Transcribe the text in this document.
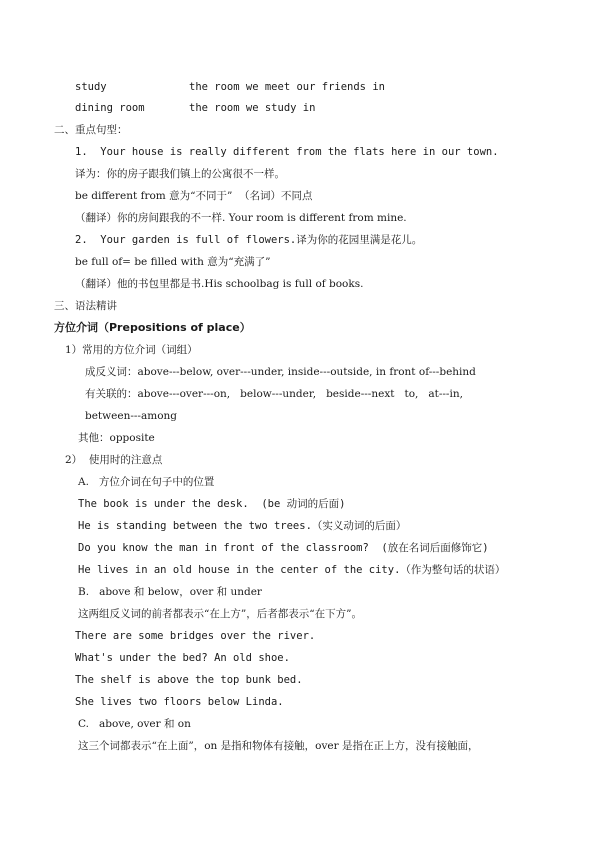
study	the room we meet our friends in
dining room	the room we study in
二、重点句型：
1.  Your house is really different from the flats here in our town.
译为：你的房子跟我们镇上的公寓很不一样。
be different from 意为“不同于”  （名词）不同点
（翻译）你的房间跟我的不一样. Your room is different from mine.
2.  Your garden is full of flowers.译为你的花园里满是花儿。
be full of= be filled with 意为“充满了”
（翻译）他的书包里都是书.His schoolbag is full of books.
三、语法精讲
方位介词（Prepositions of place）
1）常用的方位介词（词组）
成反义词：above---below, over---under, inside---outside, in front of---behind
有关联的：above---over---on,   below---under,   beside---next   to,   at---in,
between---among
其他：opposite
2）  使用时的注意点
A.   方位介词在句子中的位置
The book is under the desk.  (be 动词的后面)
He is standing between the two trees.（实义动词的后面）
Do you know the man in front of the classroom?  (放在名词后面修饰它)
He lives in an old house in the center of the city.（作为整句话的状语）
B.   above 和 below，over 和 under
这两组反义词的前者都表示“在上方”，后者都表示“在下方”。
There are some bridges over the river.
What's under the bed? An old shoe.
The shelf is above the top bunk bed.
She lives two floors below Linda.
C.   above, over 和 on
这三个词都表示“在上面”，on 是指和物体有接触，over 是指在正上方，没有接触面，
